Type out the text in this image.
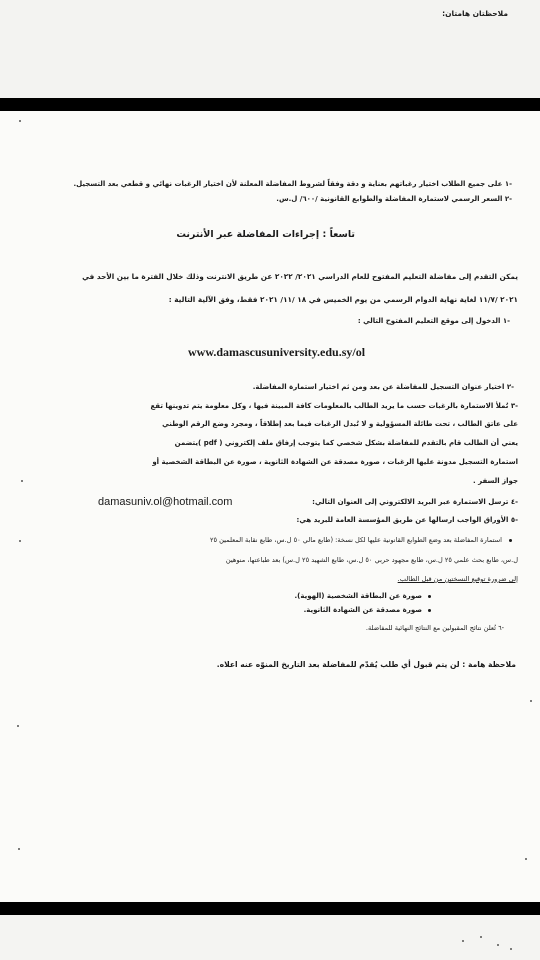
ملاحظتان هامتان:
-١ على جميع الطلاب اختيار رغباتهم بعناية و دقة وفقاً لشروط المفاضلة المعلنة لأن اختيار الرغبات نهائي و قطعي بعد التسجيل.
-٢ السعر الرسمي لاستمارة المفاضلة والطوابع القانونية /٦٠٠/ ل.س.
تاسعاً : إجراءات المفاضلة عبر الأنترنت
يمكن التقدم إلى مفاضلة التعليم المفتوح للعام الدراسي ٢٠٢١/ ٢٠٢٢ عن طريق الانترنت وذلك خلال الفترة ما بين الأحد في
٢٠٢١ /١١/٧ لغاية نهاية الدوام الرسمي من يوم الخميس في ١٨ /١١/ ٢٠٢١ فقط، وفق الآلية التالية :
-١ الدخول إلى موقع التعليم المفتوح التالي :
www.damascusuniversity.edu.sy/ol
-٢ اختيار عنوان التسجيل للمفاضلة عن بعد ومن ثم اختيار استمارة المفاضلة.
-٣ تُملأ الاستمارة بالرغبات حسب ما يريد الطالب بالمعلومات كافة المبينة فيها ، وكل معلومة يتم تدوينها تقع
على عاتق الطالب ، تحت طائلة المسؤولية و لا تُبدل الرغبات فيما بعد إطلاقاً ، ومجرد وضع الرقم الوطني
يعني أن الطالب قام بالتقدم للمفاضلة بشكل شخصي كما يتوجب إرفاق ملف إلكتروني ( pdf )يتضمن
استمارة التسجيل مدونة عليها الرغبات ، صورة مصدقة عن الشهادة الثانوية ، صورة عن البطاقة الشخصية أو
جواز السفر .
-٤ ترسل الاستمارة عبر البريد الالكتروني إلى العنوان التالي:
damasuniv.ol@hotmail.com
-٥ الأوراق الواجب ارسالها عن طريق المؤسسة العامة للبريد هي:
استمارة المفاضلة بعد وضع الطوابع القانونية عليها لكل نسخة: (طابع مالي ٥٠ ل.س، طابع نقابة المعلمين ٢٥
ل.س، طابع بحث علمي ٢٥ ل.س، طابع مجهود حربي ٥٠ ل.س، طابع الشهيد ٢٥ ل.س) بعد طباعتها، منوهين
إلى ضرورة توقيع النسختين من قبل الطالب.
صورة عن البطاقة الشخصية (الهوية).
صورة مصدقة عن الشهادة الثانوية.
-٦ تُعلن نتائج المقبولين مع النتائج النهائية للمفاضلة.
ملاحظة هامة : لن يتم قبول أي طلب يُقدّم للمفاضلة بعد التاريخ المنوّه عنه اعلاه.
